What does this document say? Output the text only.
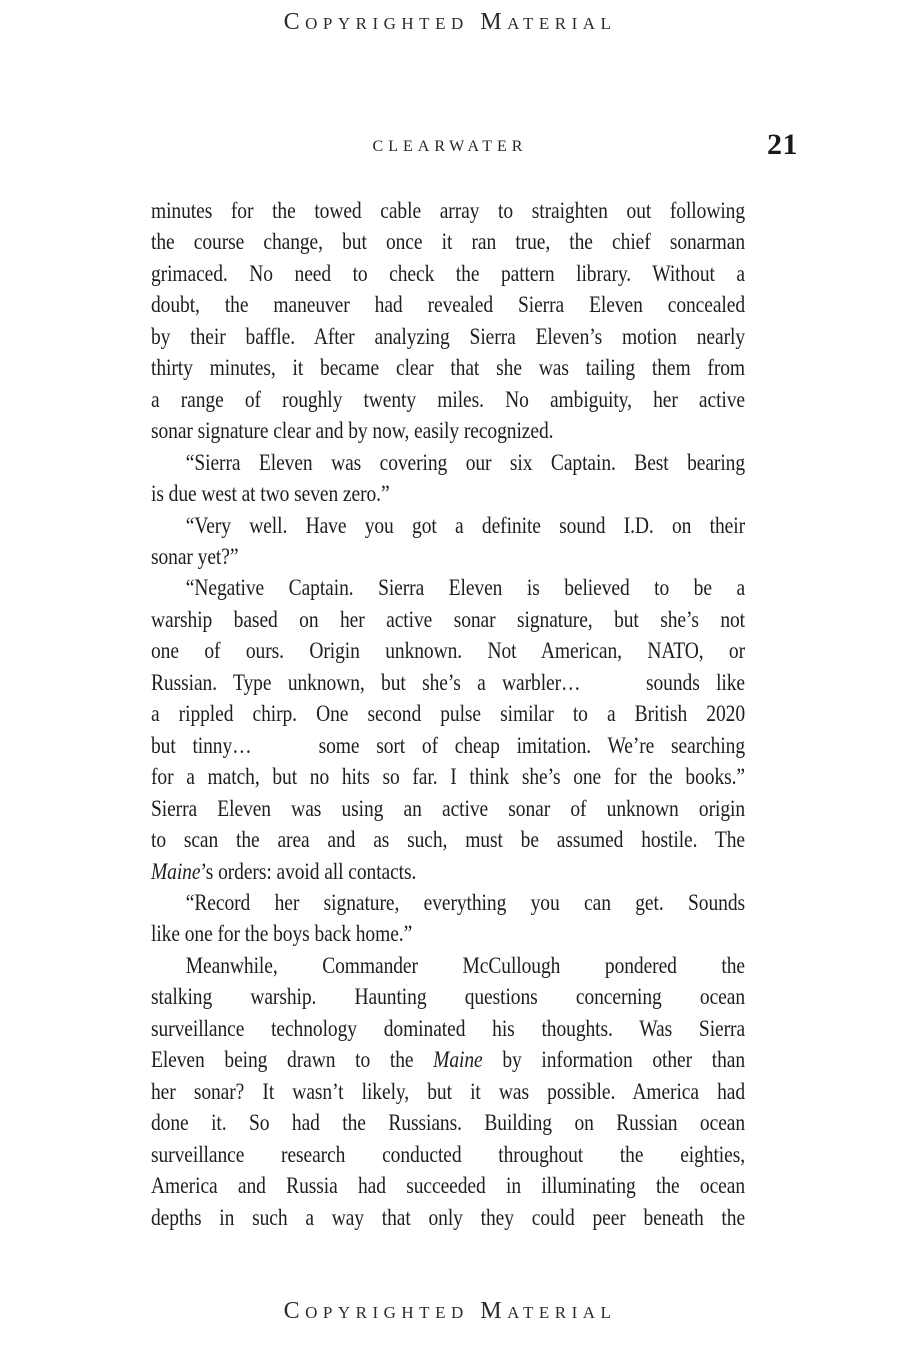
Copyrighted Material
CLEARWATER	21
minutes for the towed cable array to straighten out following
the course change, but once it ran true, the chief sonarman
grimaced. No need to check the pattern library. Without a
doubt, the maneuver had revealed Sierra Eleven concealed
by their baffle. After analyzing Sierra Eleven’s motion nearly
thirty minutes, it became clear that she was tailing them from
a range of roughly twenty miles. No ambiguity, her active
sonar signature clear and by now, easily recognized.
“Sierra Eleven was covering our six Captain. Best bearing
is due west at two seven zero.”
“Very well. Have you got a definite sound I.D. on their
sonar yet?”
“Negative Captain. Sierra Eleven is believed to be a
warship based on her active sonar signature, but she’s not
one of ours. Origin unknown. Not American, NATO, or
Russian. Type unknown, but she’s a warbler…    sounds like
a rippled chirp. One second pulse similar to a British 2020
but tinny…    some sort of cheap imitation. We’re searching
for a match, but no hits so far. I think she’s one for the books.”
Sierra Eleven was using an active sonar of unknown origin
to scan the area and as such, must be assumed hostile. The
Maine’s orders: avoid all contacts.
“Record her signature, everything you can get. Sounds
like one for the boys back home.”
Meanwhile, Commander McCullough pondered the
stalking warship. Haunting questions concerning ocean
surveillance technology dominated his thoughts. Was Sierra
Eleven being drawn to the Maine by information other than
her sonar? It wasn’t likely, but it was possible. America had
done it. So had the Russians. Building on Russian ocean
surveillance research conducted throughout the eighties,
America and Russia had succeeded in illuminating the ocean
depths in such a way that only they could peer beneath the
Copyrighted Material
